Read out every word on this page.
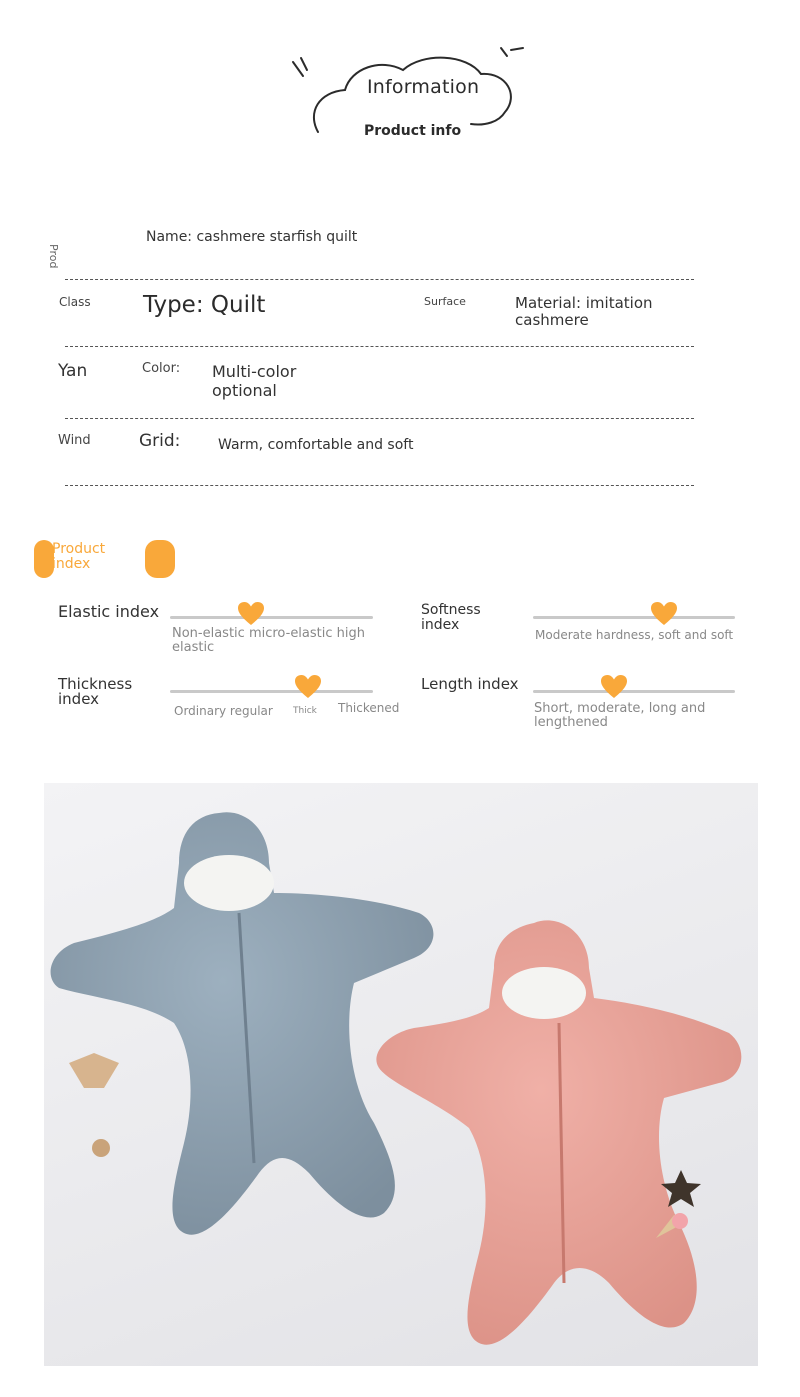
Information
Product info
Prod
Name: cashmere starfish quilt
Class Type: Quilt	Surface	Material: imitation cashmere
Yan	Color: Multi-color optional
Wind	Grid:	Warm, comfortable and soft
Product index
Elastic index
Non-elastic micro-elastic high elastic
Softness index
Moderate hardness, soft and soft
Thickness index
Ordinary regular Thick Thickened
Length index
Short, moderate, long and lengthened
